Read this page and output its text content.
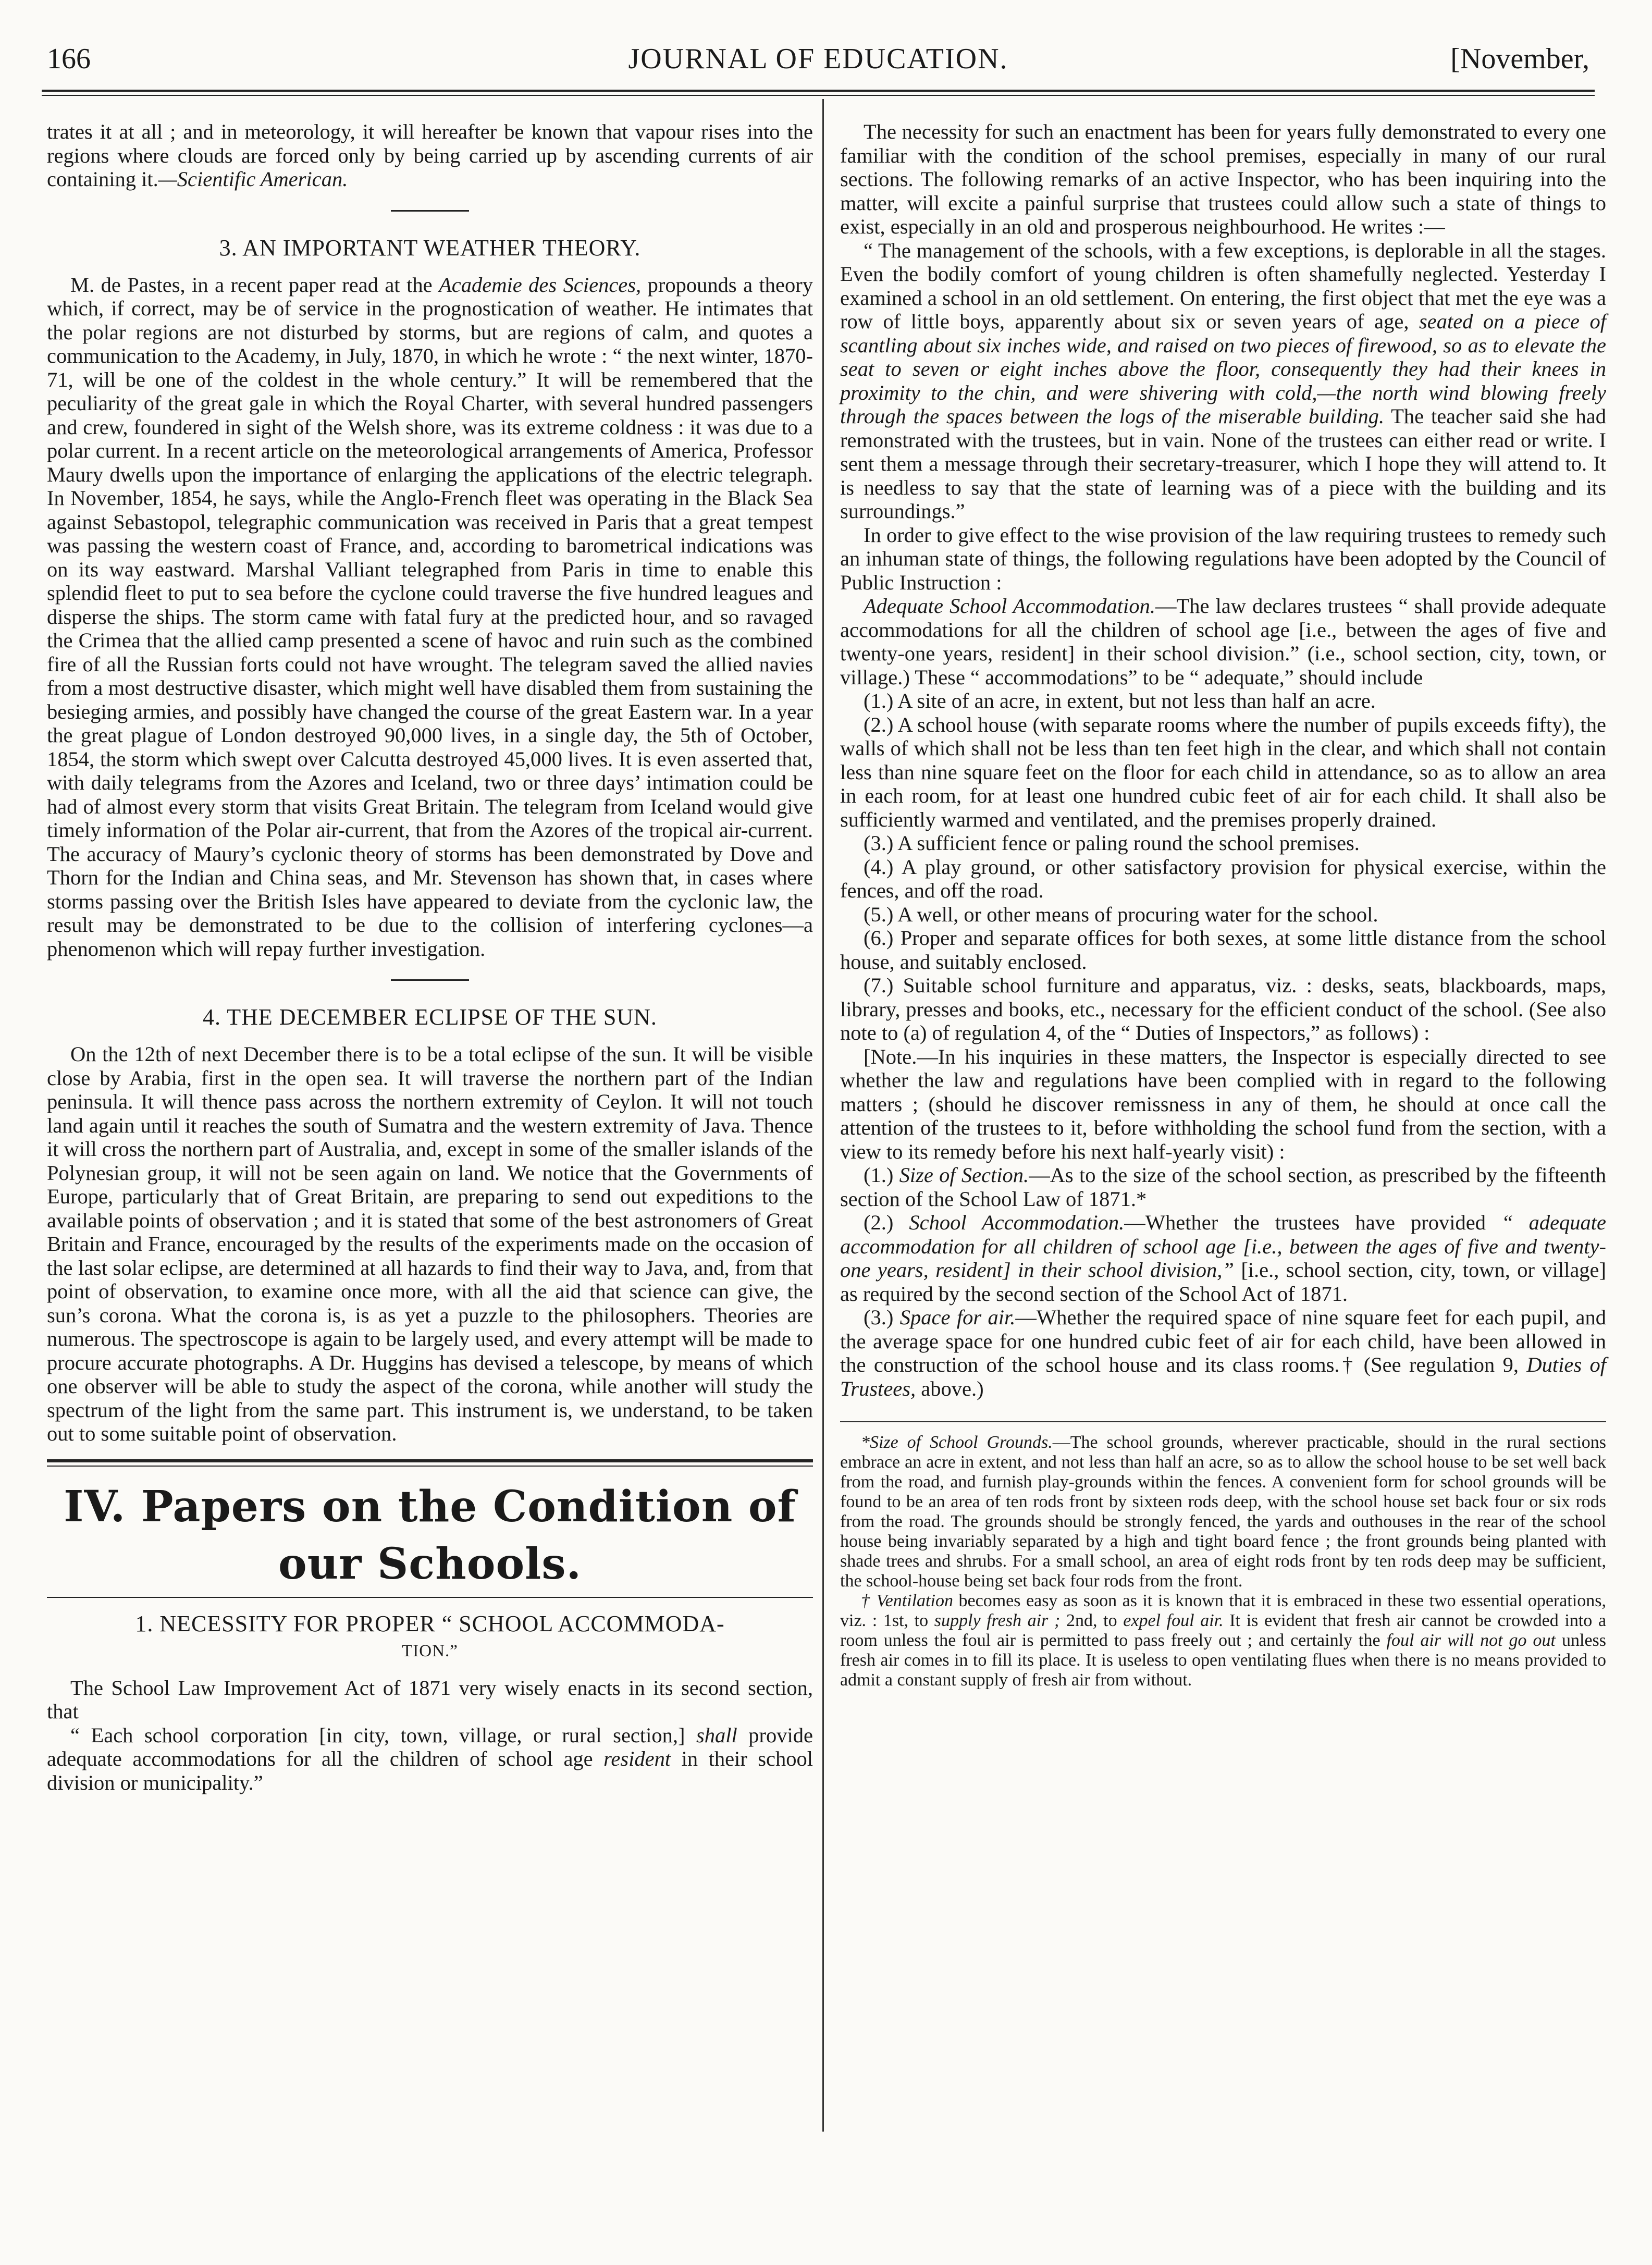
166	JOURNAL OF EDUCATION.	[November,

trates it at all ; and in meteorology, it will hereafter be known that vapour rises into the regions where clouds are forced only by being carried up by ascending currents of air containing it.—Scientific American.

3. AN IMPORTANT WEATHER THEORY.

M. de Pastes, in a recent paper read at the Academie des Sciences, propounds a theory which, if correct, may be of service in the prognostication of weather. He intimates that the polar regions are not disturbed by storms, but are regions of calm, and quotes a communication to the Academy, in July, 1870, in which he wrote : “ the next winter, 1870-71, will be one of the coldest in the whole century.” It will be remembered that the peculiarity of the great gale in which the Royal Charter, with several hundred passengers and crew, foundered in sight of the Welsh shore, was its extreme coldness : it was due to a polar current. In a recent article on the meteorological arrangements of America, Professor Maury dwells upon the importance of enlarging the applications of the electric telegraph. In November, 1854, he says, while the Anglo-French fleet was operating in the Black Sea against Sebastopol, telegraphic communication was received in Paris that a great tempest was passing the western coast of France, and, according to barometrical indications was on its way eastward. Marshal Valliant telegraphed from Paris in time to enable this splendid fleet to put to sea before the cyclone could traverse the five hundred leagues and disperse the ships. The storm came with fatal fury at the predicted hour, and so ravaged the Crimea that the allied camp presented a scene of havoc and ruin such as the combined fire of all the Russian forts could not have wrought. The telegram saved the allied navies from a most destructive disaster, which might well have disabled them from sustaining the besieging armies, and possibly have changed the course of the great Eastern war. In a year the great plague of London destroyed 90,000 lives, in a single day, the 5th of October, 1854, the storm which swept over Calcutta destroyed 45,000 lives. It is even asserted that, with daily telegrams from the Azores and Iceland, two or three days’ intimation could be had of almost every storm that visits Great Britain. The telegram from Iceland would give timely information of the Polar air-current, that from the Azores of the tropical air-current. The accuracy of Maury’s cyclonic theory of storms has been demonstrated by Dove and Thorn for the Indian and China seas, and Mr. Stevenson has shown that, in cases where storms passing over the British Isles have appeared to deviate from the cyclonic law, the result may be demonstrated to be due to the collision of interfering cyclones—a phenomenon which will repay further investigation.

4. THE DECEMBER ECLIPSE OF THE SUN.

On the 12th of next December there is to be a total eclipse of the sun. It will be visible close by Arabia, first in the open sea. It will traverse the northern part of the Indian peninsula. It will thence pass across the northern extremity of Ceylon. It will not touch land again until it reaches the south of Sumatra and the western extremity of Java. Thence it will cross the northern part of Australia, and, except in some of the smaller islands of the Polynesian group, it will not be seen again on land. We notice that the Governments of Europe, particularly that of Great Britain, are preparing to send out expeditions to the available points of observation ; and it is stated that some of the best astronomers of Great Britain and France, encouraged by the results of the experiments made on the occasion of the last solar eclipse, are determined at all hazards to find their way to Java, and, from that point of observation, to examine once more, with all the aid that science can give, the sun’s corona. What the corona is, is as yet a puzzle to the philosophers. Theories are numerous. The spectroscope is again to be largely used, and every attempt will be made to procure accurate photographs. A Dr. Huggins has devised a telescope, by means of which one observer will be able to study the aspect of the corona, while another will study the spectrum of the light from the same part. This instrument is, we understand, to be taken out to some suitable point of observation.

IV. Papers on the Condition of our Schools.
1. NECESSITY FOR PROPER “ SCHOOL ACCOMMODA-
TION.”

The School Law Improvement Act of 1871 very wisely enacts in its second section, that

“ Each school corporation [in city, town, village, or rural section,] shall provide adequate accommodations for all the children of school age resident in their school division or municipality.”

The necessity for such an enactment has been for years fully demonstrated to every one familiar with the condition of the school premises, especially in many of our rural sections. The following remarks of an active Inspector, who has been inquiring into the matter, will excite a painful surprise that trustees could allow such a state of things to exist, especially in an old and prosperous neighbourhood. He writes :—

“ The management of the schools, with a few exceptions, is deplorable in all the stages. Even the bodily comfort of young children is often shamefully neglected. Yesterday I examined a school in an old settlement. On entering, the first object that met the eye was a row of little boys, apparently about six or seven years of age, seated on a piece of scantling about six inches wide, and raised on two pieces of firewood, so as to elevate the seat to seven or eight inches above the floor, consequently they had their knees in proximity to the chin, and were shivering with cold,—the north wind blowing freely through the spaces between the logs of the miserable building. The teacher said she had remonstrated with the trustees, but in vain. None of the trustees can either read or write. I sent them a message through their secretary-treasurer, which I hope they will attend to. It is needless to say that the state of learning was of a piece with the building and its surroundings.”

In order to give effect to the wise provision of the law requiring trustees to remedy such an inhuman state of things, the following regulations have been adopted by the Council of Public Instruction :

Adequate School Accommodation.—The law declares trustees “ shall provide adequate accommodations for all the children of school age [i.e., between the ages of five and twenty-one years, resident] in their school division.” (i.e., school section, city, town, or village.) These “ accommodations” to be “ adequate,” should include

(1.) A site of an acre, in extent, but not less than half an acre.

(2.) A school house (with separate rooms where the number of pupils exceeds fifty), the walls of which shall not be less than ten feet high in the clear, and which shall not contain less than nine square feet on the floor for each child in attendance, so as to allow an area in each room, for at least one hundred cubic feet of air for each child. It shall also be sufficiently warmed and ventilated, and the premises properly drained.

(3.) A sufficient fence or paling round the school premises.

(4.) A play ground, or other satisfactory provision for physical exercise, within the fences, and off the road.

(5.) A well, or other means of procuring water for the school.

(6.) Proper and separate offices for both sexes, at some little distance from the school house, and suitably enclosed.

(7.) Suitable school furniture and apparatus, viz. : desks, seats, blackboards, maps, library, presses and books, etc., necessary for the efficient conduct of the school. (See also note to (a) of regulation 4, of the “ Duties of Inspectors,” as follows) :

[Note.—In his inquiries in these matters, the Inspector is especially directed to see whether the law and regulations have been complied with in regard to the following matters ; (should he discover remissness in any of them, he should at once call the attention of the trustees to it, before withholding the school fund from the section, with a view to its remedy before his next half-yearly visit) :

(1.) Size of Section.—As to the size of the school section, as prescribed by the fifteenth section of the School Law of 1871.*

(2.) School Accommodation.—Whether the trustees have provided “ adequate accommodation for all children of school age [i.e., between the ages of five and twenty-one years, resident] in their school division,” [i.e., school section, city, town, or village] as required by the second section of the School Act of 1871.

(3.) Space for air.—Whether the required space of nine square feet for each pupil, and the average space for one hundred cubic feet of air for each child, have been allowed in the construction of the school house and its class rooms.† (See regulation 9, Duties of Trustees, above.)

*Size of School Grounds.—The school grounds, wherever practicable, should in the rural sections embrace an acre in extent, and not less than half an acre, so as to allow the school house to be set well back from the road, and furnish play-grounds within the fences. A convenient form for school grounds will be found to be an area of ten rods front by sixteen rods deep, with the school house set back four or six rods from the road. The grounds should be strongly fenced, the yards and outhouses in the rear of the school house being invariably separated by a high and tight board fence ; the front grounds being planted with shade trees and shrubs. For a small school, an area of eight rods front by ten rods deep may be sufficient, the school-house being set back four rods from the front.

† Ventilation becomes easy as soon as it is known that it is embraced in these two essential operations, viz. : 1st, to supply fresh air ; 2nd, to expel foul air. It is evident that fresh air cannot be crowded into a room unless the foul air is permitted to pass freely out ; and certainly the foul air will not go out unless fresh air comes in to fill its place. It is useless to open ventilating flues when there is no means provided to admit a constant supply of fresh air from without.
